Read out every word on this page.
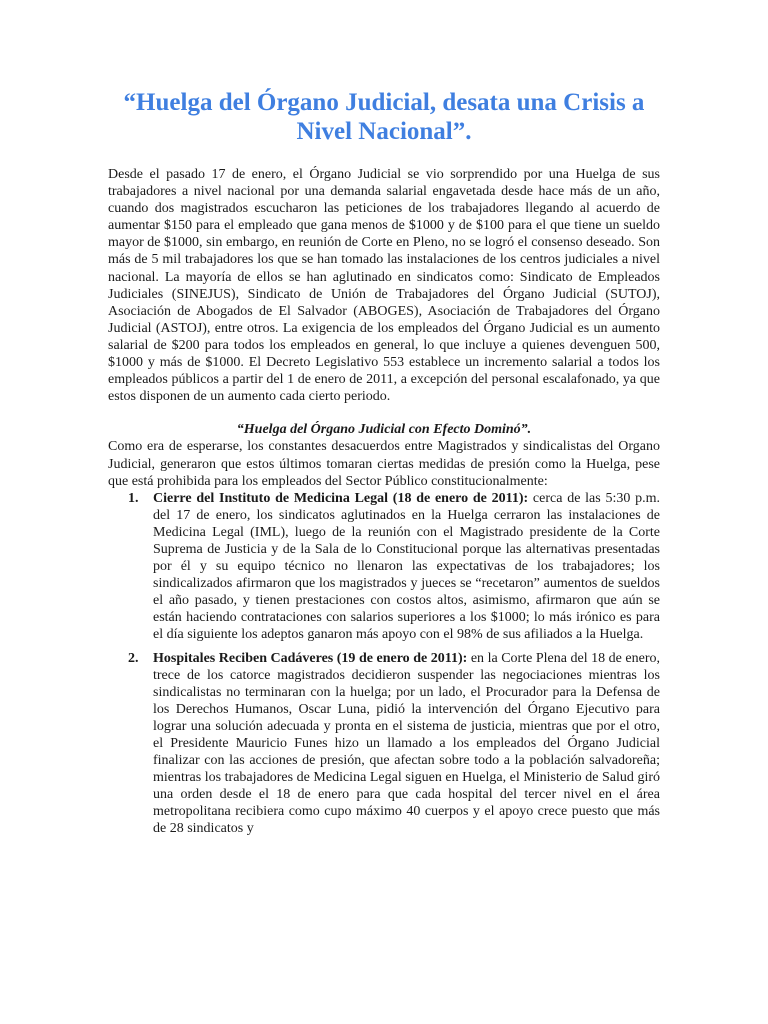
“Huelga del Órgano Judicial, desata una Crisis a Nivel Nacional”.

Desde el pasado 17 de enero, el Órgano Judicial se vio sorprendido por una Huelga de sus trabajadores a nivel nacional por una demanda salarial engavetada desde hace más de un año, cuando dos magistrados escucharon las peticiones de los trabajadores llegando al acuerdo de aumentar $150 para el empleado que gana menos de $1000 y de $100 para el que tiene un sueldo mayor de $1000, sin embargo, en reunión de Corte en Pleno, no se logró el consenso deseado. Son más de 5 mil trabajadores los que se han tomado las instalaciones de los centros judiciales a nivel nacional. La mayoría de ellos se han aglutinado en sindicatos como: Sindicato de Empleados Judiciales (SINEJUS), Sindicato de Unión de Trabajadores del Órgano Judicial (SUTOJ), Asociación de Abogados de El Salvador (ABOGES), Asociación de Trabajadores del Órgano Judicial (ASTOJ), entre otros. La exigencia de los empleados del Órgano Judicial es un aumento salarial de $200 para todos los empleados en general, lo que incluye a quienes devenguen 500, $1000 y más de $1000. El Decreto Legislativo 553 establece un incremento salarial a todos los empleados públicos a partir del 1 de enero de 2011, a excepción del personal escalafonado, ya que estos disponen de un aumento cada cierto periodo.

“Huelga del Órgano Judicial con Efecto Dominó”.

Como era de esperarse, los constantes desacuerdos entre Magistrados y sindicalistas del Organo Judicial, generaron que estos últimos tomaran ciertas medidas de presión como la Huelga, pese que está prohibida para los empleados del Sector Público constitucionalmente:

1. Cierre del Instituto de Medicina Legal (18 de enero de 2011): cerca de las 5:30 p.m. del 17 de enero, los sindicatos aglutinados en la Huelga cerraron las instalaciones de Medicina Legal (IML), luego de la reunión con el Magistrado presidente de la Corte Suprema de Justicia y de la Sala de lo Constitucional porque las alternativas presentadas por él y su equipo técnico no llenaron las expectativas de los trabajadores; los sindicalizados afirmaron que los magistrados y jueces se “recetaron” aumentos de sueldos el año pasado, y tienen prestaciones con costos altos, asimismo, afirmaron que aún se están haciendo contrataciones con salarios superiores a los $1000; lo más irónico es para el día siguiente los adeptos ganaron más apoyo con el 98% de sus afiliados a la Huelga.
2. Hospitales Reciben Cadáveres (19 de enero de 2011): en la Corte Plena del 18 de enero, trece de los catorce magistrados decidieron suspender las negociaciones mientras los sindicalistas no terminaran con la huelga; por un lado, el Procurador para la Defensa de los Derechos Humanos, Oscar Luna, pidió la intervención del Órgano Ejecutivo para lograr una solución adecuada y pronta en el sistema de justicia, mientras que por el otro, el Presidente Mauricio Funes hizo un llamado a los empleados del Órgano Judicial finalizar con las acciones de presión, que afectan sobre todo a la población salvadoreña; mientras los trabajadores de Medicina Legal siguen en Huelga, el Ministerio de Salud giró una orden desde el 18 de enero para que cada hospital del tercer nivel en el área metropolitana recibiera como cupo máximo 40 cuerpos y el apoyo crece puesto que más de 28 sindicatos y
